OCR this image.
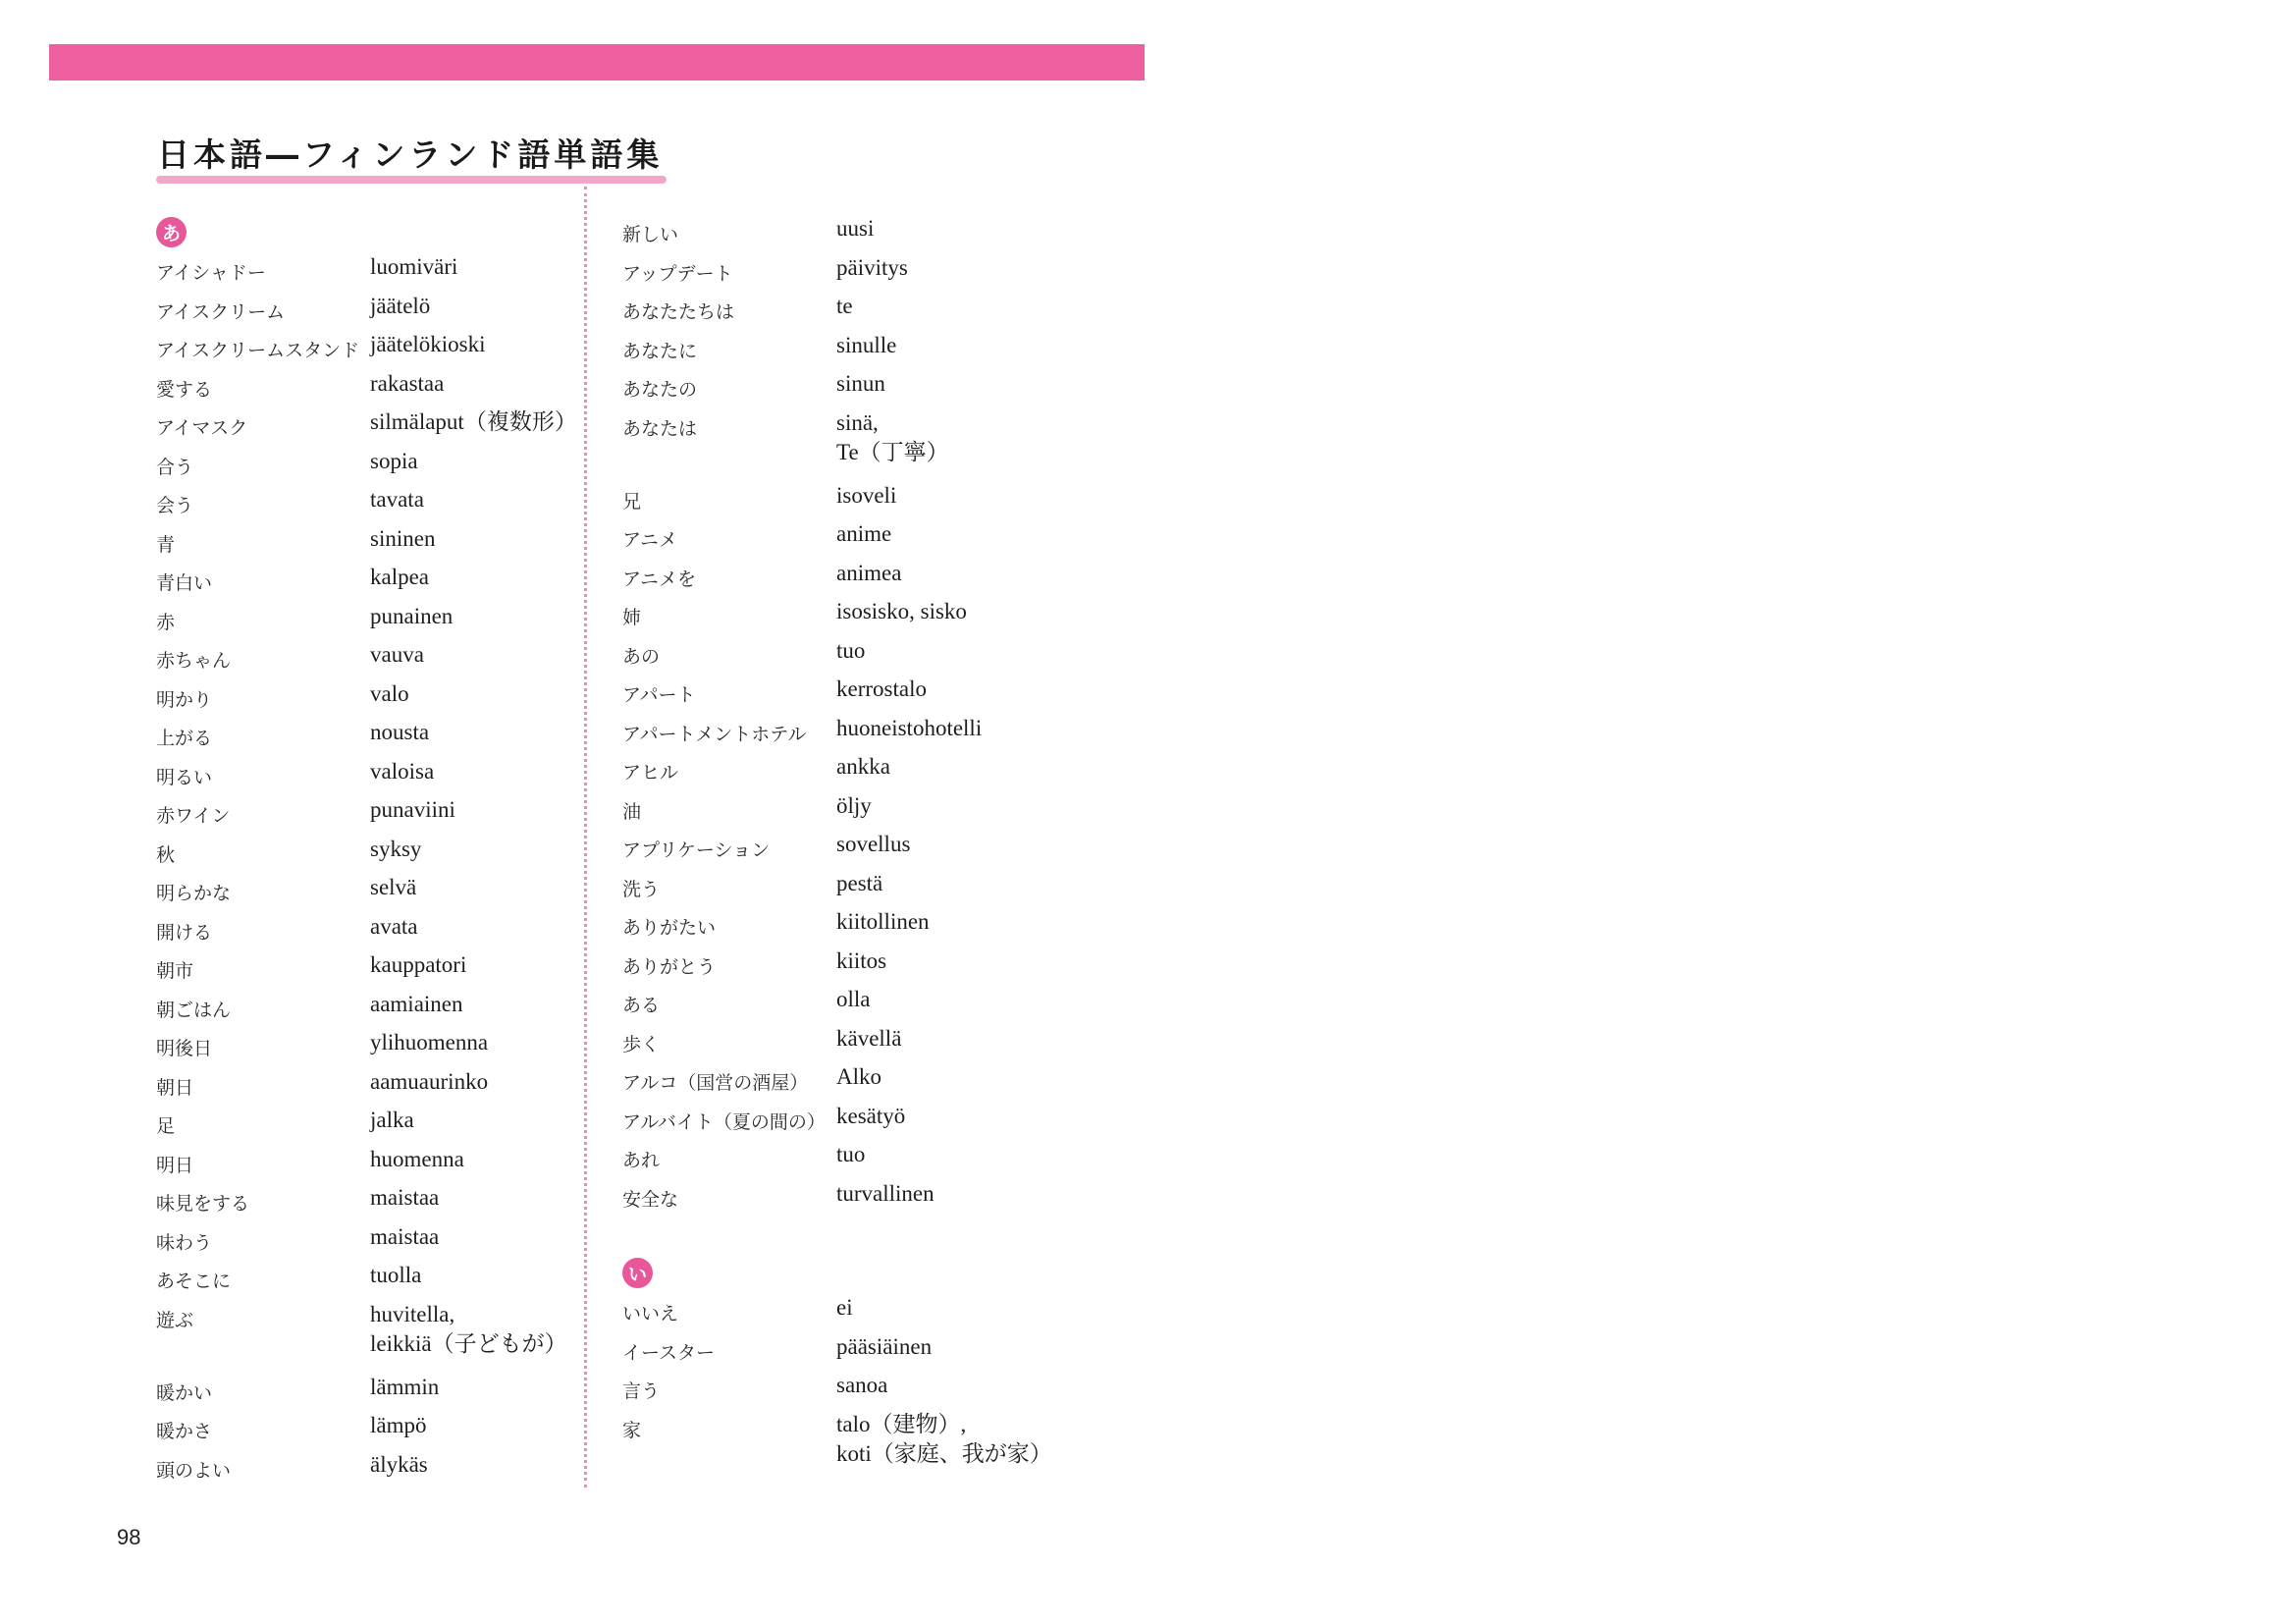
日本語―フィンランド語単語集
あ
アイシャドー	luomiväri
アイスクリーム	jäätelö
アイスクリームスタンド jäätelökioski
愛する	rakastaa
アイマスク	silmälaput（複数形）
合う	sopia
会う	tavata
青	sininen
青白い	kalpea
赤	punainen
赤ちゃん	vauva
明かり	valo
上がる	nousta
明るい	valoisa
赤ワイン	punaviini
秋	syksy
明らかな	selvä
開ける	avata
朝市	kauppatori
朝ごはん	aamiainen
明後日	ylihuomenna
朝日	aamuaurinko
足	jalka
明日	huomenna
味見をする	maistaa
味わう	maistaa
あそこに	tuolla
遊ぶ	huvitella,
leikkiä（子どもが）
暖かい	lämmin
暖かさ	lämpö
頭のよい	älykäs
新しい	uusi
アップデート	päivitys
あなたたちは	te
あなたに	sinulle
あなたの	sinun
あなたは	sinä,
Te（丁寧）
兄	isoveli
アニメ	anime
アニメを	animea
姉	isosisko, sisko
あの	tuo
アパート	kerrostalo
アパートメントホテル	huoneistohotelli
アヒル	ankka
油	öljy
アプリケーション	sovellus
洗う	pestä
ありがたい	kiitollinen
ありがとう	kiitos
ある	olla
歩く	kävellä
アルコ（国営の酒屋）	Alko
アルバイト（夏の間の） kesätyö
あれ	tuo
安全な	turvallinen
い
いいえ	ei
イースター	pääsiäinen
言う	sanoa
家	talo（建物）,
koti（家庭、我が家）
98
